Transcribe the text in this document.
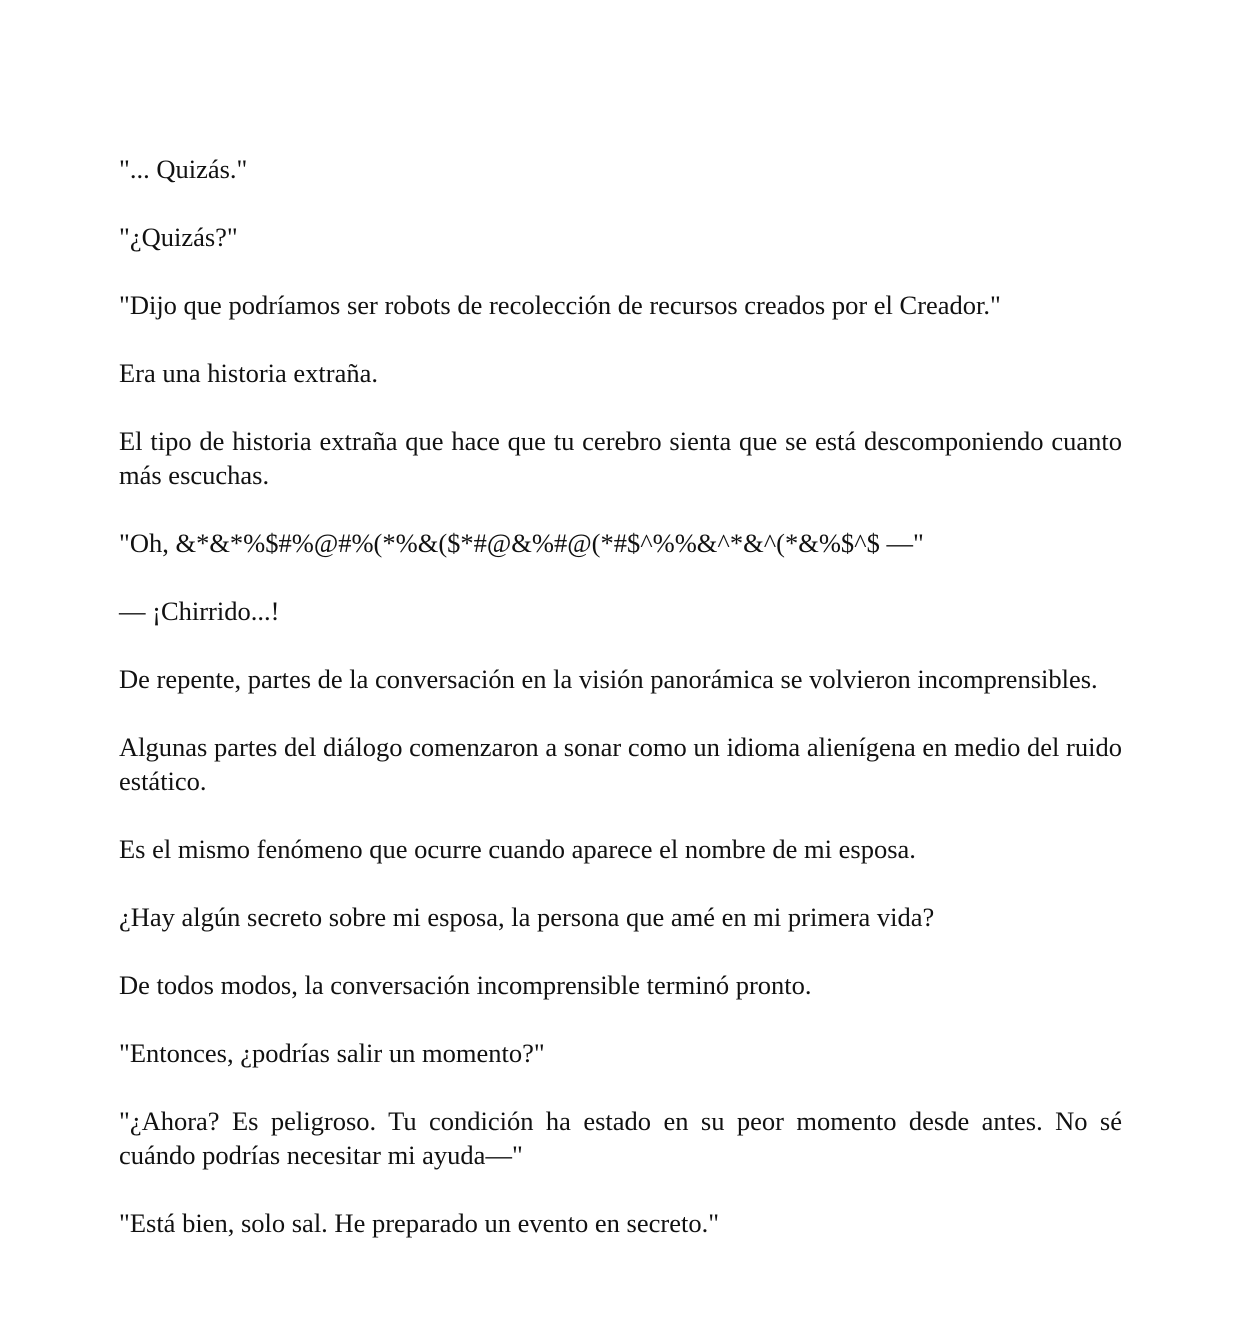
"... Quizás."

"¿Quizás?"

"Dijo que podríamos ser robots de recolección de recursos creados por el Creador."

Era una historia extraña.

El tipo de historia extraña que hace que tu cerebro sienta que se está descomponiendo cuanto más escuchas.

"Oh, &*&*%$#%@#%(*%&($*#@&%#@(*#$^%%&^*&^(*&%$^$ —"

— ¡Chirrido...!

De repente, partes de la conversación en la visión panorámica se volvieron incomprensibles.

Algunas partes del diálogo comenzaron a sonar como un idioma alienígena en medio del ruido estático.

Es el mismo fenómeno que ocurre cuando aparece el nombre de mi esposa.

¿Hay algún secreto sobre mi esposa, la persona que amé en mi primera vida?

De todos modos, la conversación incomprensible terminó pronto.

"Entonces, ¿podrías salir un momento?"

"¿Ahora? Es peligroso. Tu condición ha estado en su peor momento desde antes. No sé cuándo podrías necesitar mi ayuda—"

"Está bien, solo sal. He preparado un evento en secreto."
